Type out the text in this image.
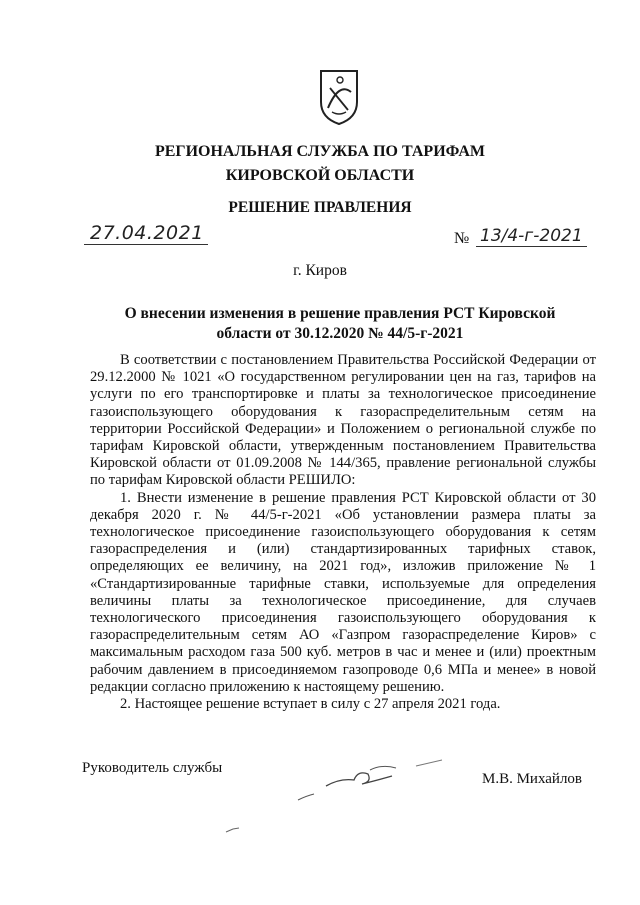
РЕГИОНАЛЬНАЯ СЛУЖБА ПО ТАРИФАМ
КИРОВСКОЙ ОБЛАСТИ
РЕШЕНИЕ ПРАВЛЕНИЯ
27.04.2021	№ 13/4-г-2021
г. Киров
О внесении изменения в решение правления РСТ Кировской области от 30.12.2020 № 44/5-г-2021

В соответствии с постановлением Правительства Российской Федерации от 29.12.2000 № 1021 «О государственном регулировании цен на газ, тарифов на услуги по его транспортировке и платы за технологическое присоединение газоиспользующего оборудования к газораспределительным сетям на территории Российской Федерации» и Положением о региональной службе по тарифам Кировской области, утвержденным постановлением Правительства Кировской области от 01.09.2008 № 144/365, правление региональной службы по тарифам Кировской области РЕШИЛО:

1. Внести изменение в решение правления РСТ Кировской области от 30 декабря 2020 г. № 44/5-г-2021 «Об установлении размера платы за технологическое присоединение газоиспользующего оборудования к сетям газораспределения и (или) стандартизированных тарифных ставок, определяющих ее величину, на 2021 год», изложив приложение № 1 «Стандартизированные тарифные ставки, используемые для определения величины платы за технологическое присоединение, для случаев технологического присоединения газоиспользующего оборудования к газораспределительным сетям АО «Газпром газораспределение Киров» с максимальным расходом газа 500 куб. метров в час и менее и (или) проектным рабочим давлением в присоединяемом газопроводе 0,6 МПа и менее» в новой редакции согласно приложению к настоящему решению.

2. Настоящее решение вступает в силу с 27 апреля 2021 года.

Руководитель службы
М.В. Михайлов
